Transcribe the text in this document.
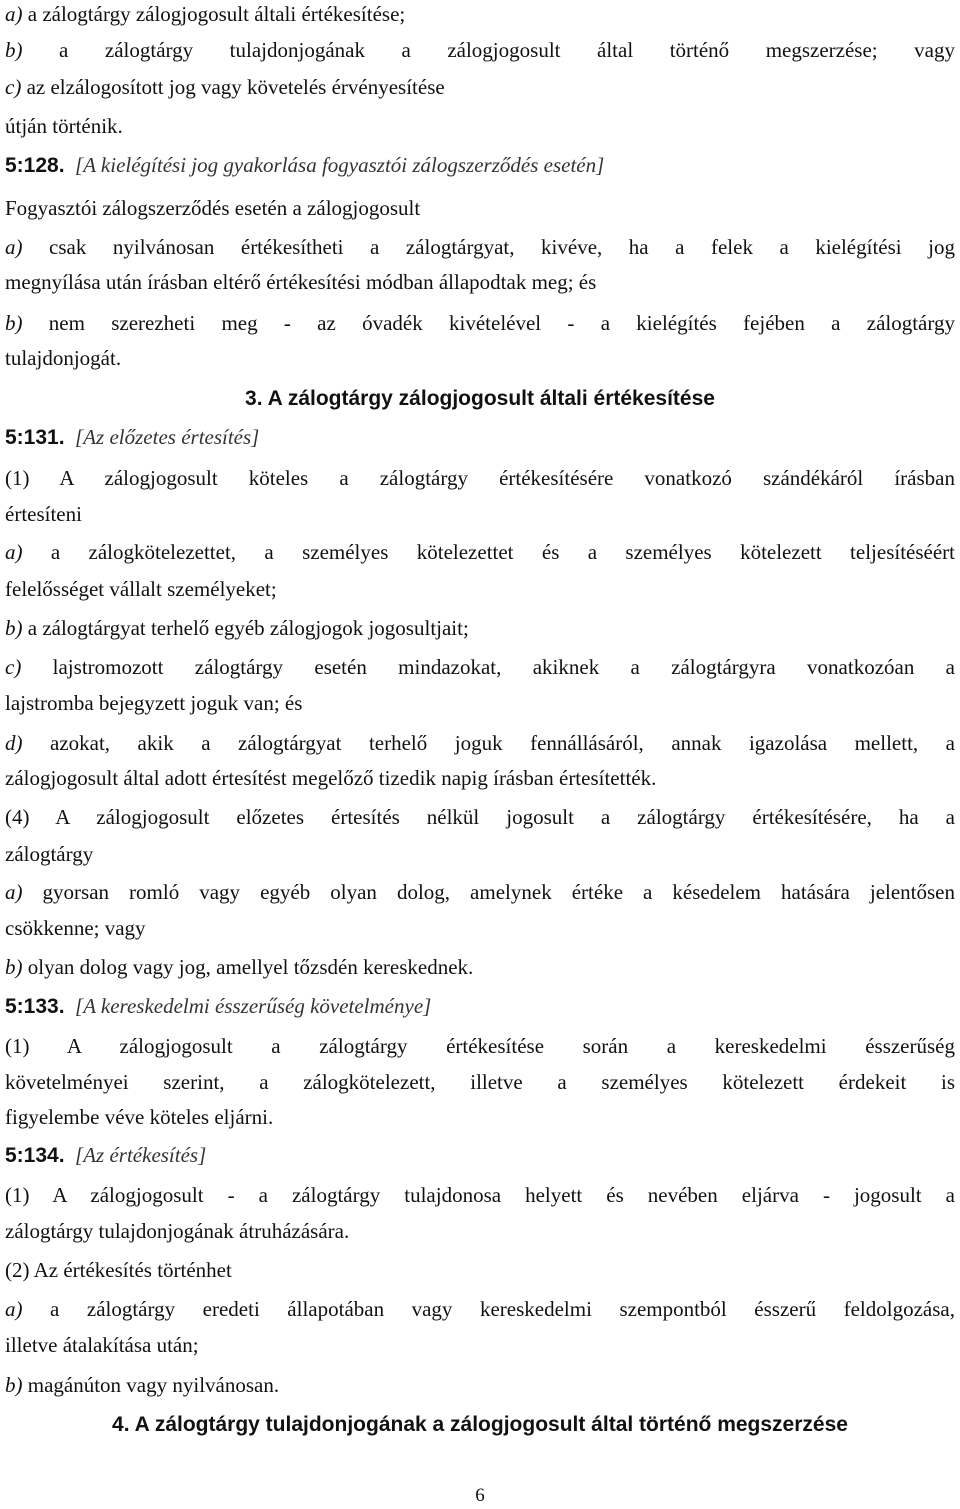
a) a zálogtárgy zálogjogosult általi értékesítése;
b) a zálogtárgy tulajdonjogának a zálogjogosult által történő megszerzése; vagy
c) az elzálogosított jog vagy követelés érvényesítése
útján történik.
5:128. [A kielégítési jog gyakorlása fogyasztói zálogszerződés esetén]
Fogyasztói zálogszerződés esetén a zálogjogosult
a) csak nyilvánosan értékesítheti a zálogtárgyat, kivéve, ha a felek a kielégítési jog
megnyílása után írásban eltérő értékesítési módban állapodtak meg; és
b) nem szerezheti meg - az óvadék kivételével - a kielégítés fejében a zálogtárgy
tulajdonjogát.
3. A zálogtárgy zálogjogosult általi értékesítése
5:131. [Az előzetes értesítés]
(1) A zálogjogosult köteles a zálogtárgy értékesítésére vonatkozó szándékáról írásban
értesíteni
a) a zálogkötelezettet, a személyes kötelezettet és a személyes kötelezett teljesítéséért
felelősséget vállalt személyeket;
b) a zálogtárgyat terhelő egyéb zálogjogok jogosultjait;
c) lajstromozott zálogtárgy esetén mindazokat, akiknek a zálogtárgyra vonatkozóan a
lajstromba bejegyzett joguk van; és
d) azokat, akik a zálogtárgyat terhelő joguk fennállásáról, annak igazolása mellett, a
zálogjogosult által adott értesítést megelőző tizedik napig írásban értesítették.
(4) A zálogjogosult előzetes értesítés nélkül jogosult a zálogtárgy értékesítésére, ha a
zálogtárgy
a) gyorsan romló vagy egyéb olyan dolog, amelynek értéke a késedelem hatására jelentősen
csökkenne; vagy
b) olyan dolog vagy jog, amellyel tőzsdén kereskednek.
5:133. [A kereskedelmi ésszerűség követelménye]
(1) A zálogjogosult a zálogtárgy értékesítése során a kereskedelmi ésszerűség
követelményei szerint, a zálogkötelezett, illetve a személyes kötelezett érdekeit is
figyelembe véve köteles eljárni.
5:134. [Az értékesítés]
(1) A zálogjogosult - a zálogtárgy tulajdonosa helyett és nevében eljárva - jogosult a
zálogtárgy tulajdonjogának átruházására.
(2) Az értékesítés történhet
a) a zálogtárgy eredeti állapotában vagy kereskedelmi szempontból ésszerű feldolgozása,
illetve átalakítása után;
b) magánúton vagy nyilvánosan.
4. A zálogtárgy tulajdonjogának a zálogjogosult által történő megszerzése
6
